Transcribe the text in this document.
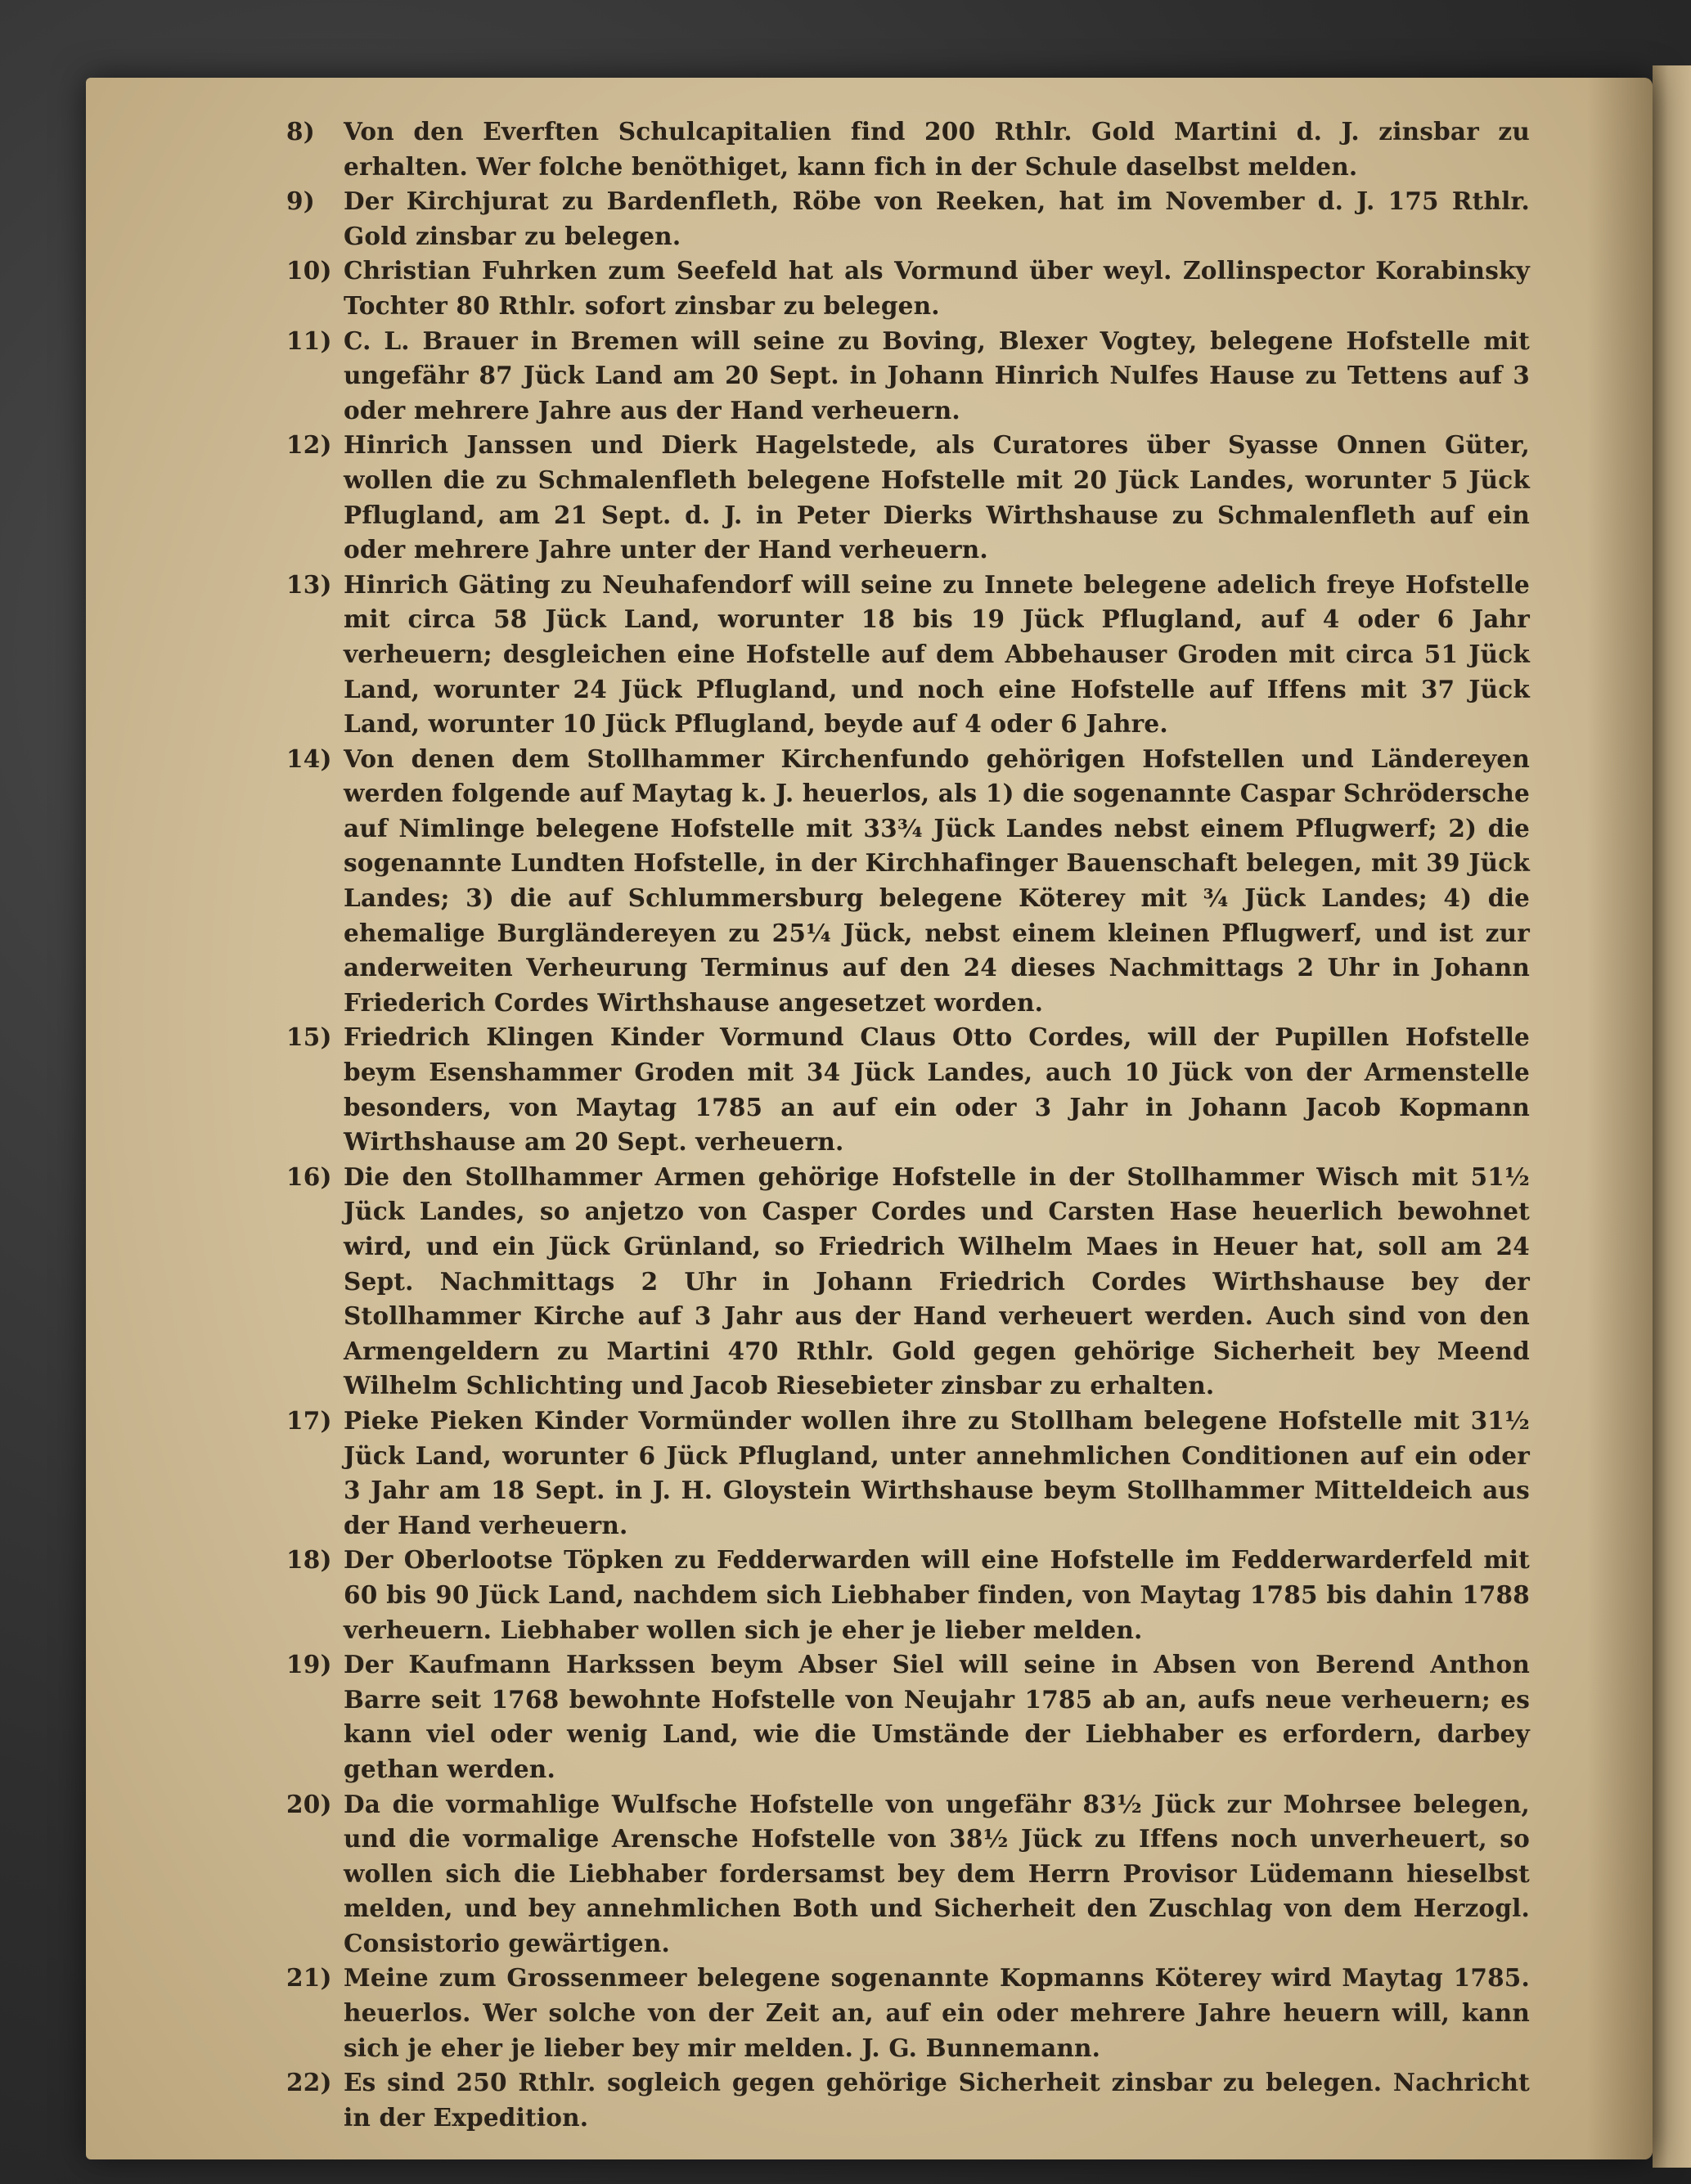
8)	Von den Everften Schulcapitalien find 200 Rthlr. Gold Martini d. J. zinsbar zu erhalten. Wer folche benöthiget, kann fich in der Schule daselbst melden.
9)	Der Kirchjurat zu Bardenfleth, Röbe von Reeken, hat im November d. J. 175 Rthlr. Gold zinsbar zu belegen.
10) Christian Fuhrken zum Seefeld hat als Vormund über weyl. Zollinspector Korabinsky Tochter 80 Rthlr. sofort zinsbar zu belegen.
11) C. L. Brauer in Bremen will seine zu Boving, Blexer Vogtey, belegene Hofstelle mit ungefähr 87 Jück Land am 20 Sept. in Johann Hinrich Nulfes Hause zu Tettens auf 3 oder mehrere Jahre aus der Hand verheuern.
12) Hinrich Janssen und Dierk Hagelstede, als Curatores über Syasse Onnen Güter, wollen die zu Schmalenfleth belegene Hofstelle mit 20 Jück Landes, worunter 5 Jück Pflugland, am 21 Sept. d. J. in Peter Dierks Wirthshause zu Schmalenfleth auf ein oder mehrere Jahre unter der Hand verheuern.
13) Hinrich Gäting zu Neuhafendorf will seine zu Innete belegene adelich freye Hofstelle mit circa 58 Jück Land, worunter 18 bis 19 Jück Pflugland, auf 4 oder 6 Jahr verheuern; desgleichen eine Hofstelle auf dem Abbehauser Groden mit circa 51 Jück Land, worunter 24 Jück Pflugland, und noch eine Hofstelle auf Iffens mit 37 Jück Land, worunter 10 Jück Pflugland, beyde auf 4 oder 6 Jahre.
14) Von denen dem Stollhammer Kirchenfundo gehörigen Hofstellen und Ländereyen werden folgende auf Maytag k. J. heuerlos, als 1) die sogenannte Caspar Schrödersche auf Nimlinge belegene Hofstelle mit 33¾ Jück Landes nebst einem Pflugwerf; 2) die sogenannte Lundten Hofstelle, in der Kirchhafinger Bauenschaft belegen, mit 39 Jück Landes; 3) die auf Schlummersburg belegene Köterey mit ¾ Jück Landes; 4) die ehemalige Burgländereyen zu 25¼ Jück, nebst einem kleinen Pflugwerf, und ist zur anderweiten Verheurung Terminus auf den 24 dieses Nachmittags 2 Uhr in Johann Friederich Cordes Wirthshause angesetzet worden.
15) Friedrich Klingen Kinder Vormund Claus Otto Cordes, will der Pupillen Hofstelle beym Esenshammer Groden mit 34 Jück Landes, auch 10 Jück von der Armenstelle besonders, von Maytag 1785 an auf ein oder 3 Jahr in Johann Jacob Kopmann Wirthshause am 20 Sept. verheuern.
16) Die den Stollhammer Armen gehörige Hofstelle in der Stollhammer Wisch mit 51½ Jück Landes, so anjetzo von Casper Cordes und Carsten Hase heuerlich bewohnet wird, und ein Jück Grünland, so Friedrich Wilhelm Maes in Heuer hat, soll am 24 Sept. Nachmittags 2 Uhr in Johann Friedrich Cordes Wirthshause bey der Stollhammer Kirche auf 3 Jahr aus der Hand verheuert werden. Auch sind von den Armengeldern zu Martini 470 Rthlr. Gold gegen gehörige Sicherheit bey Meend Wilhelm Schlichting und Jacob Riesebieter zinsbar zu erhalten.
17) Pieke Pieken Kinder Vormünder wollen ihre zu Stollham belegene Hofstelle mit 31½ Jück Land, worunter 6 Jück Pflugland, unter annehmlichen Conditionen auf ein oder 3 Jahr am 18 Sept. in J. H. Gloystein Wirthshause beym Stollhammer Mitteldeich aus der Hand verheuern.
18) Der Oberlootse Töpken zu Fedderwarden will eine Hofstelle im Fedderwarderfeld mit 60 bis 90 Jück Land, nachdem sich Liebhaber finden, von Maytag 1785 bis dahin 1788 verheuern. Liebhaber wollen sich je eher je lieber melden.
19) Der Kaufmann Harkssen beym Abser Siel will seine in Absen von Berend Anthon Barre seit 1768 bewohnte Hofstelle von Neujahr 1785 ab an, aufs neue verheuern; es kann viel oder wenig Land, wie die Umstände der Liebhaber es erfordern, darbey gethan werden.
20) Da die vormahlige Wulfsche Hofstelle von ungefähr 83½ Jück zur Mohrsee belegen, und die vormalige Arensche Hofstelle von 38½ Jück zu Iffens noch unverheuert, so wollen sich die Liebhaber fordersamst bey dem Herrn Provisor Lüdemann hieselbst melden, und bey annehmlichen Both und Sicherheit den Zuschlag von dem Herzogl. Consistorio gewärtigen.
21) Meine zum Grossenmeer belegene sogenannte Kopmanns Köterey wird Maytag 1785. heuerlos. Wer solche von der Zeit an, auf ein oder mehrere Jahre heuern will, kann sich je eher je lieber bey mir melden. J. G. Bunnemann.
22) Es sind 250 Rthlr. sogleich gegen gehörige Sicherheit zinsbar zu belegen. Nachricht in der Expedition.
